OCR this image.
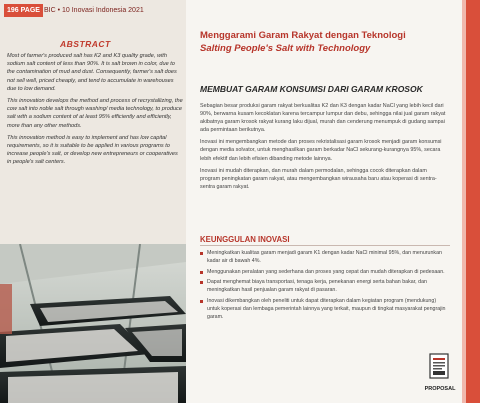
196 PAGE BIC • 10 Inovasi Indonesia 2021
ABSTRACT

Most of farmer's produced salt has K2 and K3 quality grade, with sodium salt content of less than 90%. It is salt brown in color, due to the contamination of mud and dust. Consequently, farmer's salt does not sell well, priced cheaply, and tend to accumulate in warehouses due to low demand.

This innovation develops the method and process of recrystallizing, the cow salt into noble salt through washing/ media technology, to produce salt with a sodium content of at least 95% efficiently and efficiently, more than any other methods.

This innovation method is easy to implement and has low capital requirements, so it is suitable to be applied in various programs to increase people's salt, or develop new entrepreneurs or cooperatives in people's salt centers.

Menggarami Garam Rakyat dengan Teknologi
Salting People's Salt with Technology
MEMBUAT GARAM KONSUMSI DARI GARAM KROSOK

Sebagian besar produksi garam rakyat berkualitas K2 dan K3 dengan kadar NaCl yang lebih kecil dari 90%, berwarna kusam kecoklatan karena tercampur lumpur dan debu, sehingga nilai jual garam rakyat akibatnya garam krosok rakyat kurang laku dijual, murah dan cenderung menumpuk di gudang sampai ada permintaan berikutnya.

Inovasi ini mengembangkan metode dan proses rekristalisasi garam krosok menjadi garam konsumsi dengan media solvator, untuk menghasilkan garam berkadar NaCl sekurang-kurangnya 95%, secara lebih efektif dan lebih efisien dibanding metode lainnya.

Inovasi ini mudah diterapkan, dan murah dalam permodalan, sehingga cocok diterapkan dalam program peningkatan garam rakyat, atau mengembangkan wirausaha baru atau koperasi di sentra-sentra garam rakyat.

KEUNGGULAN INOVASI
Meningkatkan kualitas garam menjadi garam K1 dengan kadar NaCl minimal 95%, dan menurunkan kadar air di bawah 4%.
Menggunakan peralatan yang sederhana dan proses yang cepat dan mudah diterapkan di pedesaan.
Dapat menghemat biaya transportasi, tenaga kerja, penekanan energi serta bahan bakar, dan meningkatkan hasil penjualan garam rakyat di pasaran.
Inovasi dikembangkan oleh peneliti untuk dapat diterapkan dalam kegiatan program (mendukung) untuk koperasi dan lembaga pemerintah lainnya yang terkait, maupun di tingkat masyarakat pengrajin garam.
PROPOSAL
